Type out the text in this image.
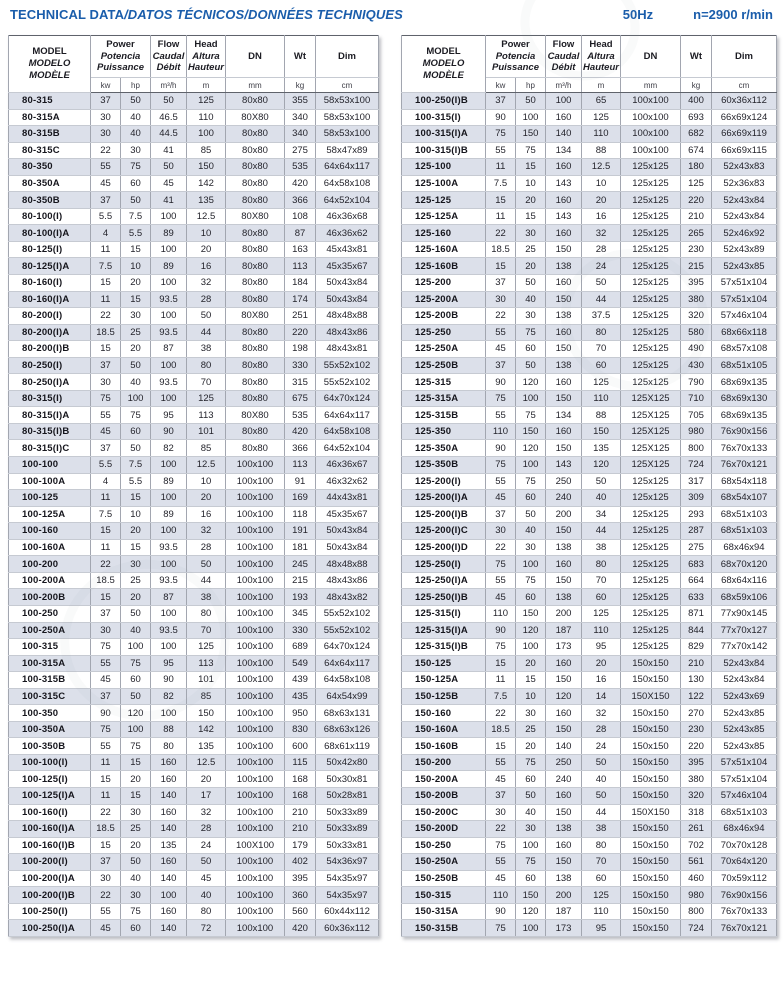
TECHNICAL DATA/DATOS TÉCNICOS/DONNÉES TECHNIQUES	50Hz	n=2900 r/min
MODEL
MODELO
MODÈLE	Power
Potencia
Puissance		Flow
Caudal
Débit	Head
Altura
Hauteur	DN	Wt	Dim
	kw	hp	m³/h	m	mm	kg	cm
80-315	37	50	50	125	80x80	355	58x53x100
80-315A	30	40	46.5	110	80X80	340	58x53x100
80-315B	30	40	44.5	100	80x80	340	58x53x100
80-315C	22	30	41	85	80x80	275	58x47x89
80-350	55	75	50	150	80x80	535	64x64x117
80-350A	45	60	45	142	80x80	420	64x58x108
80-350B	37	50	41	135	80x80	366	64x52x104
80-100(I)	5.5	7.5	100	12.5	80X80	108	46x36x68
80-100(I)A	4	5.5	89	10	80x80	87	46x36x62
80-125(I)	11	15	100	20	80x80	163	45x43x81
80-125(I)A	7.5	10	89	16	80x80	113	45x35x67
80-160(I)	15	20	100	32	80x80	184	50x43x84
80-160(I)A	11	15	93.5	28	80x80	174	50x43x84
80-200(I)	22	30	100	50	80X80	251	48x48x88
80-200(I)A	18.5	25	93.5	44	80x80	220	48x43x86
80-200(I)B	15	20	87	38	80x80	198	48x43x81
80-250(I)	37	50	100	80	80x80	330	55x52x102
80-250(I)A	30	40	93.5	70	80x80	315	55x52x102
80-315(I)	75	100	100	125	80x80	675	64x70x124
80-315(I)A	55	75	95	113	80X80	535	64x64x117
80-315(I)B	45	60	90	101	80x80	420	64x58x108
80-315(I)C	37	50	82	85	80x80	366	64x52x104
100-100	5.5	7.5	100	12.5	100x100	113	46x36x67
100-100A	4	5.5	89	10	100x100	91	46x32x62
100-125	11	15	100	20	100x100	169	44x43x81
100-125A	7.5	10	89	16	100x100	118	45x35x67
100-160	15	20	100	32	100x100	191	50x43x84
100-160A	11	15	93.5	28	100x100	181	50x43x84
100-200	22	30	100	50	100x100	245	48x48x88
100-200A	18.5	25	93.5	44	100x100	215	48x43x86
100-200B	15	20	87	38	100x100	193	48x43x82
100-250	37	50	100	80	100x100	345	55x52x102
100-250A	30	40	93.5	70	100x100	330	55x52x102
100-315	75	100	100	125	100x100	689	64x70x124
100-315A	55	75	95	113	100x100	549	64x64x117
100-315B	45	60	90	101	100x100	439	64x58x108
100-315C	37	50	82	85	100x100	435	64x54x99
100-350	90	120	100	150	100x100	950	68x63x131
100-350A	75	100	88	142	100x100	830	68x63x126
100-350B	55	75	80	135	100x100	600	68x61x119
100-100(I)	11	15	160	12.5	100x100	115	50x42x80
100-125(I)	15	20	160	20	100x100	168	50x30x81
100-125(I)A	11	15	140	17	100x100	168	50x28x81
100-160(I)	22	30	160	32	100x100	210	50x33x89
100-160(I)A	18.5	25	140	28	100x100	210	50x33x89
100-160(I)B	15	20	135	24	100X100	179	50x33x81
100-200(I)	37	50	160	50	100x100	402	54x36x97
100-200(I)A	30	40	140	45	100x100	395	54x35x97
100-200(I)B	22	30	100	40	100x100	360	54x35x97
100-250(I)	55	75	160	80	100x100	560	60x44x112
100-250(I)A	45	60	140	72	100x100	420	60x36x112
MODEL
MODELO
MODÈLE	Power
Potencia
Puissance		Flow
Caudal
Débit	Head
Altura
Hauteur	DN	Wt	Dim
	kw	hp	m³/h	m	mm	kg	cm
100-250(I)B	37	50	100	65	100x100	400	60x36x112
100-315(I)	90	100	160	125	100x100	693	66x69x124
100-315(I)A	75	150	140	110	100x100	682	66x69x119
100-315(I)B	55	75	134	88	100x100	674	66x69x115
125-100	11	15	160	12.5	125x125	180	52x43x83
125-100A	7.5	10	143	10	125x125	125	52x36x83
125-125	15	20	160	20	125x125	220	52x43x84
125-125A	11	15	143	16	125x125	210	52x43x84
125-160	22	30	160	32	125x125	265	52x46x92
125-160A	18.5	25	150	28	125x125	230	52x43x89
125-160B	15	20	138	24	125x125	215	52x43x85
125-200	37	50	160	50	125x125	395	57x51x104
125-200A	30	40	150	44	125x125	380	57x51x104
125-200B	22	30	138	37.5	125x125	320	57x46x104
125-250	55	75	160	80	125x125	580	68x66x118
125-250A	45	60	150	70	125x125	490	68x57x108
125-250B	37	50	138	60	125x125	430	68x51x105
125-315	90	120	160	125	125x125	790	68x69x135
125-315A	75	100	150	110	125X125	710	68x69x130
125-315B	55	75	134	88	125X125	705	68x69x135
125-350	110	150	160	150	125X125	980	76x90x156
125-350A	90	120	150	135	125X125	800	76x70x133
125-350B	75	100	143	120	125X125	724	76x70x121
125-200(I)	55	75	250	50	125x125	317	68x54x118
125-200(I)A	45	60	240	40	125x125	309	68x54x107
125-200(I)B	37	50	200	34	125x125	293	68x51x103
125-200(I)C	30	40	150	44	125x125	287	68x51x103
125-200(I)D	22	30	138	38	125x125	275	68x46x94
125-250(I)	75	100	160	80	125x125	683	68x70x120
125-250(I)A	55	75	150	70	125x125	664	68x64x116
125-250(I)B	45	60	138	60	125x125	633	68x59x106
125-315(I)	110	150	200	125	125x125	871	77x90x145
125-315(I)A	90	120	187	110	125x125	844	77x70x127
125-315(I)B	75	100	173	95	125x125	829	77x70x142
150-125	15	20	160	20	150x150	210	52x43x84
150-125A	11	15	150	16	150x150	130	52x43x84
150-125B	7.5	10	120	14	150X150	122	52x43x69
150-160	22	30	160	32	150x150	270	52x43x85
150-160A	18.5	25	150	28	150x150	230	52x43x85
150-160B	15	20	140	24	150x150	220	52x43x85
150-200	55	75	250	50	150x150	395	57x51x104
150-200A	45	60	240	40	150x150	380	57x51x104
150-200B	37	50	160	50	150x150	320	57x46x104
150-200C	30	40	150	44	150X150	318	68x51x103
150-200D	22	30	138	38	150x150	261	68x46x94
150-250	75	100	160	80	150x150	702	70x70x128
150-250A	55	75	150	70	150x150	561	70x64x120
150-250B	45	60	138	60	150x150	460	70x59x112
150-315	110	150	200	125	150x150	980	76x90x156
150-315A	90	120	187	110	150x150	800	76x70x133
150-315B	75	100	173	95	150x150	724	76x70x121
